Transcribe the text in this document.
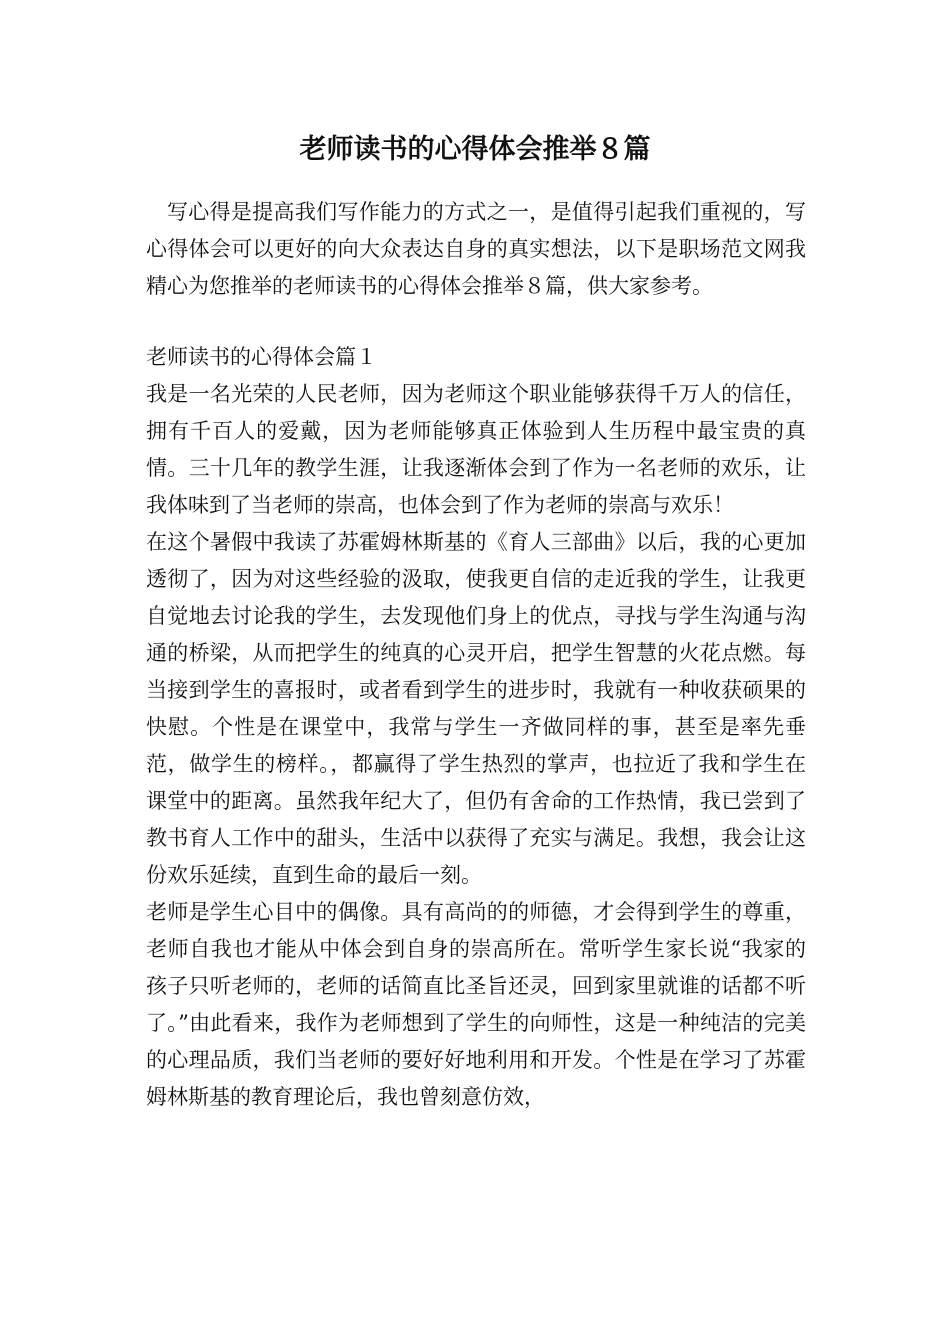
老师读书的心得体会推举８篇

写心得是提高我们写作能力的方式之一，是值得引起我们重视的，写心得体会可以更好的向大众表达自身的真实想法，以下是职场范文网我精心为您推举的老师读书的心得体会推举８篇，供大家参考。

老师读书的心得体会篇１

我是一名光荣的人民老师，因为老师这个职业能够获得千万人的信任，拥有千百人的爱戴，因为老师能够真正体验到人生历程中最宝贵的真情。三十几年的教学生涯，让我逐渐体会到了作为一名老师的欢乐，让我体味到了当老师的崇高，也体会到了作为老师的崇高与欢乐！

在这个暑假中我读了苏霍姆林斯基的《育人三部曲》以后，我的心更加透彻了，因为对这些经验的汲取，使我更自信的走近我的学生，让我更自觉地去讨论我的学生，去发现他们身上的优点，寻找与学生沟通与沟通的桥梁，从而把学生的纯真的心灵开启，把学生智慧的火花点燃。每当接到学生的喜报时，或者看到学生的进步时，我就有一种收获硕果的快慰。个性是在课堂中，我常与学生一齐做同样的事，甚至是率先垂范，做学生的榜样。，都赢得了学生热烈的掌声，也拉近了我和学生在课堂中的距离。虽然我年纪大了，但仍有舍命的工作热情，我已尝到了教书育人工作中的甜头，生活中以获得了充实与满足。我想，我会让这份欢乐延续，直到生命的最后一刻。

老师是学生心目中的偶像。具有高尚的的师德，才会得到学生的尊重，老师自我也才能从中体会到自身的崇高所在。常听学生家长说“我家的孩子只听老师的，老师的话简直比圣旨还灵，回到家里就谁的话都不听了。”由此看来，我作为老师想到了学生的向师性，这是一种纯洁的完美的心理品质，我们当老师的要好好地利用和开发。个性是在学习了苏霍姆林斯基的教育理论后，我也曾刻意仿效，
